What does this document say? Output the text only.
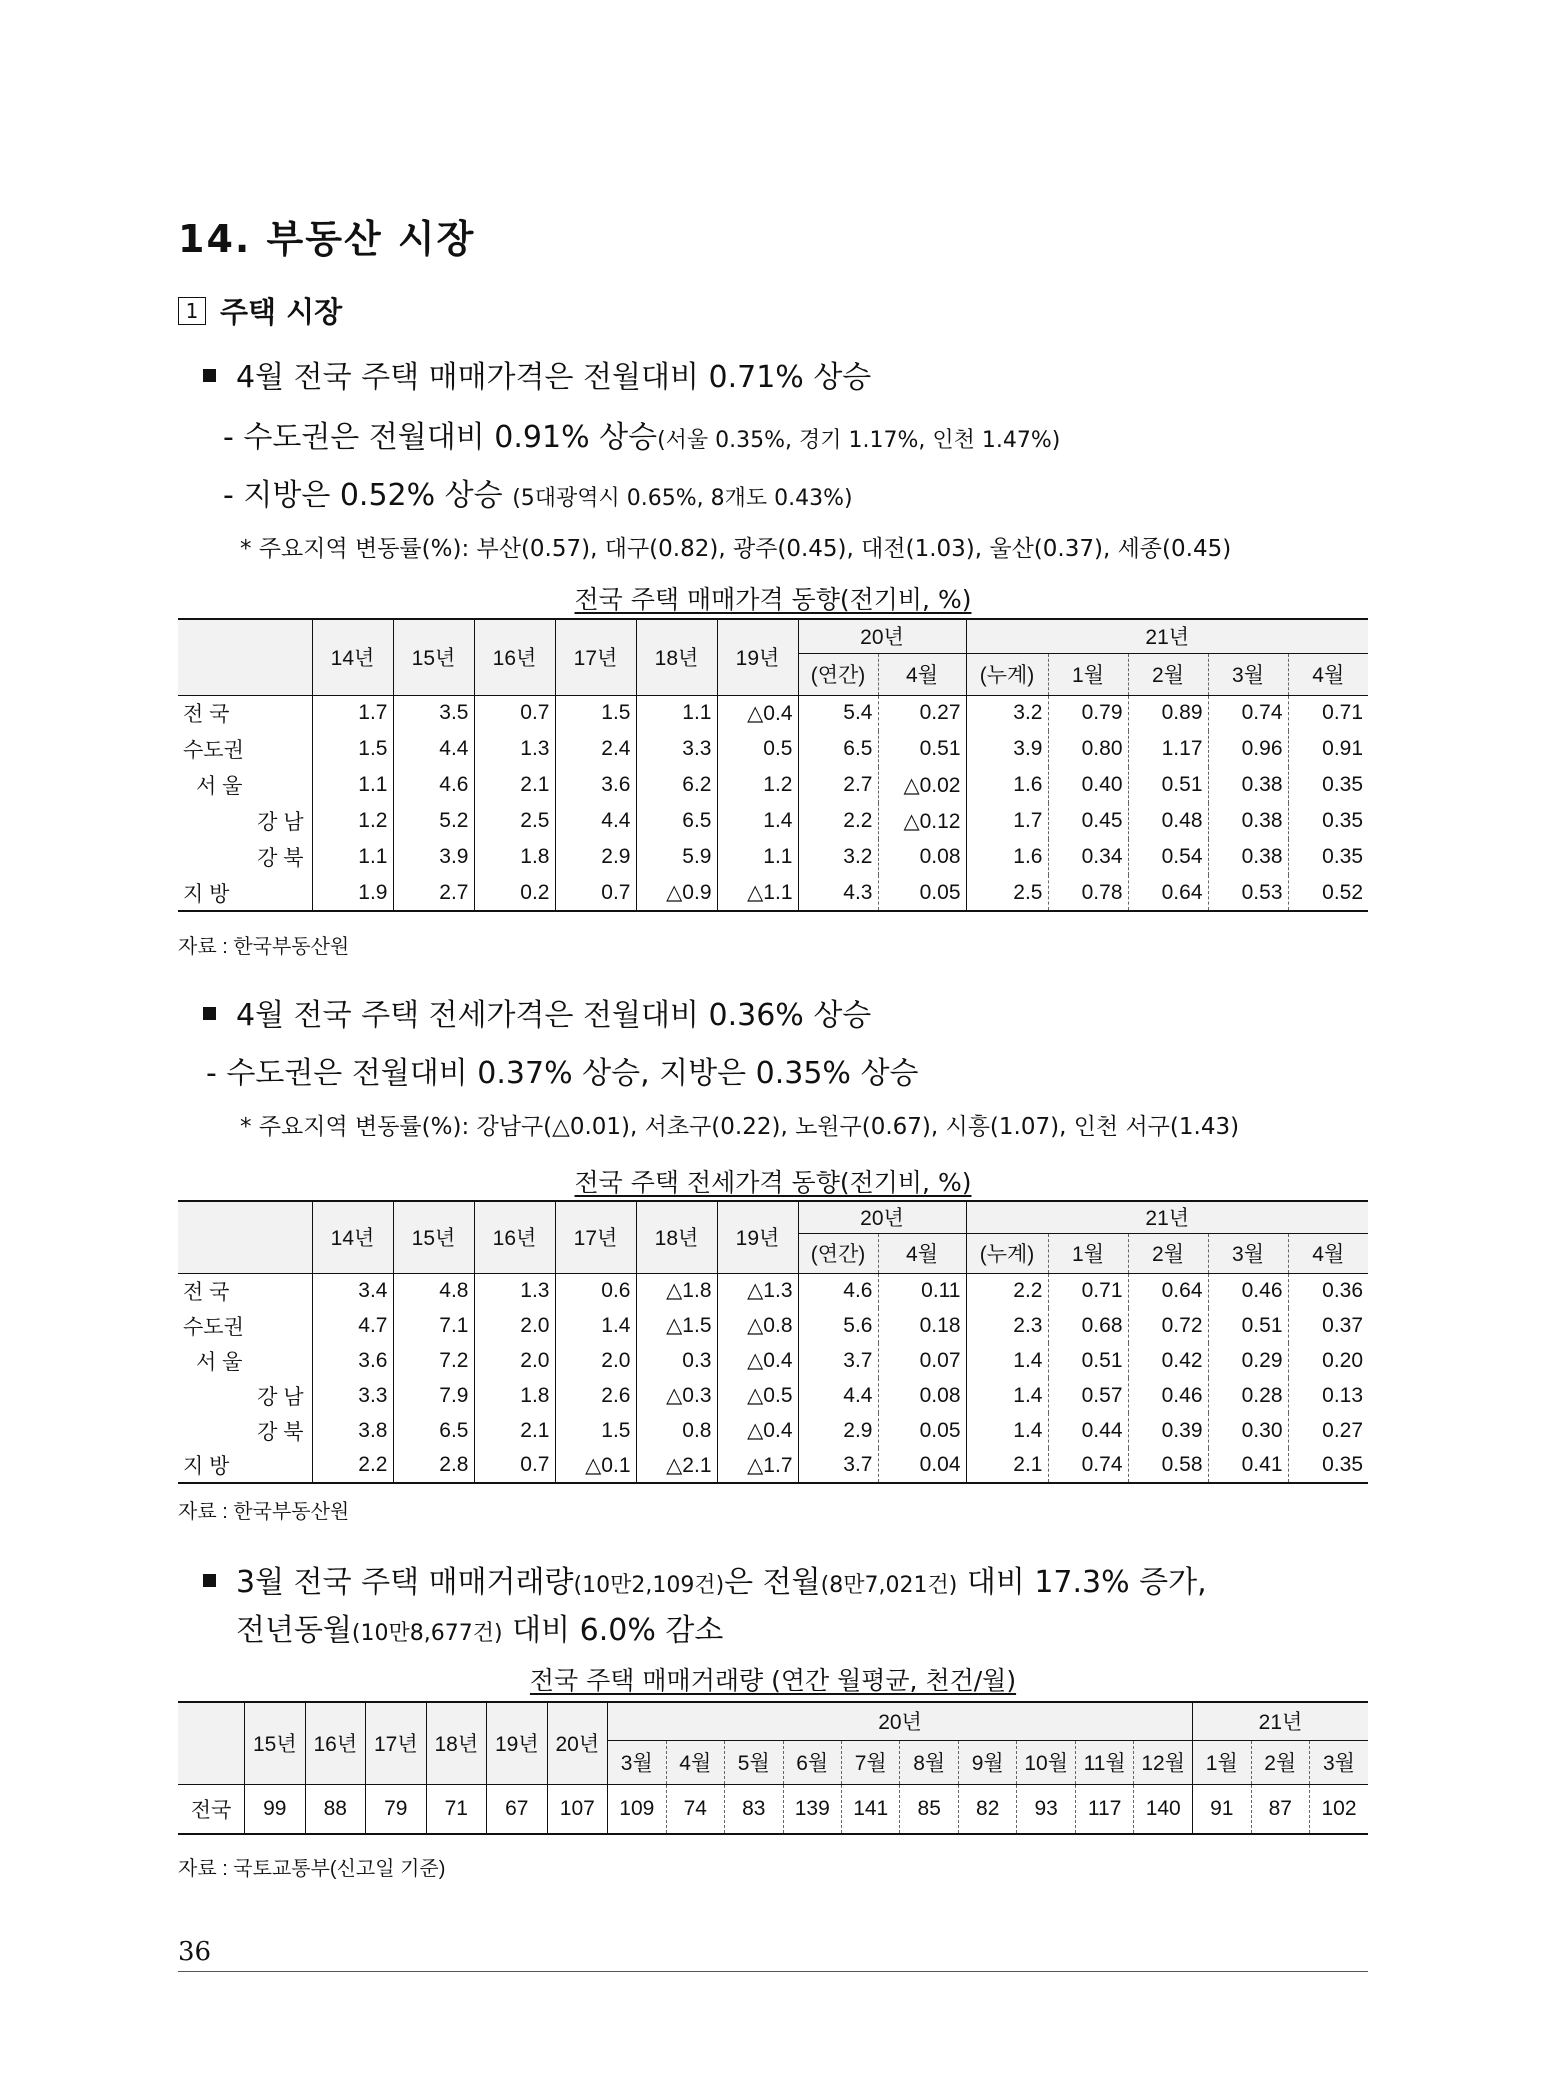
14. 부동산 시장
1 주택 시장
4월 전국 주택 매매가격은 전월대비 0.71% 상승
- 수도권은 전월대비 0.91% 상승(서울 0.35%, 경기 1.17%, 인천 1.47%)
- 지방은 0.52% 상승 (5대광역시 0.65%, 8개도 0.43%)
* 주요지역 변동률(%): 부산(0.57), 대구(0.82), 광주(0.45), 대전(1.03), 울산(0.37), 세종(0.45)
전국 주택 매매가격 동향(전기비, %)
	14년	15년	16년	17년	18년	19년	20년		21년				
							(연간)	4월	(누계)	1월	2월	3월	4월
전 국	1.7	3.5	0.7	1.5	1.1	△0.4	5.4	0.27	3.2	0.79	0.89	0.74	0.71
수도권	1.5	4.4	1.3	2.4	3.3	0.5	6.5	0.51	3.9	0.80	1.17	0.96	0.91
서 울	1.1	4.6	2.1	3.6	6.2	1.2	2.7	△0.02	1.6	0.40	0.51	0.38	0.35
강 남	1.2	5.2	2.5	4.4	6.5	1.4	2.2	△0.12	1.7	0.45	0.48	0.38	0.35
강 북	1.1	3.9	1.8	2.9	5.9	1.1	3.2	0.08	1.6	0.34	0.54	0.38	0.35
지 방	1.9	2.7	0.2	0.7	△0.9	△1.1	4.3	0.05	2.5	0.78	0.64	0.53	0.52
자료 : 한국부동산원
4월 전국 주택 전세가격은 전월대비 0.36% 상승
- 수도권은 전월대비 0.37% 상승, 지방은 0.35% 상승
* 주요지역 변동률(%): 강남구(△0.01), 서초구(0.22), 노원구(0.67), 시흥(1.07), 인천 서구(1.43)
전국 주택 전세가격 동향(전기비, %)
	14년	15년	16년	17년	18년	19년	20년		21년				
							(연간)	4월	(누계)	1월	2월	3월	4월
전 국	3.4	4.8	1.3	0.6	△1.8	△1.3	4.6	0.11	2.2	0.71	0.64	0.46	0.36
수도권	4.7	7.1	2.0	1.4	△1.5	△0.8	5.6	0.18	2.3	0.68	0.72	0.51	0.37
서 울	3.6	7.2	2.0	2.0	0.3	△0.4	3.7	0.07	1.4	0.51	0.42	0.29	0.20
강 남	3.3	7.9	1.8	2.6	△0.3	△0.5	4.4	0.08	1.4	0.57	0.46	0.28	0.13
강 북	3.8	6.5	2.1	1.5	0.8	△0.4	2.9	0.05	1.4	0.44	0.39	0.30	0.27
지 방	2.2	2.8	0.7	△0.1	△2.1	△1.7	3.7	0.04	2.1	0.74	0.58	0.41	0.35
자료 : 한국부동산원
3월 전국 주택 매매거래량(10만2,109건)은 전월(8만7,021건) 대비 17.3% 증가,
전년동월(10만8,677건) 대비 6.0% 감소
전국 주택 매매거래량 (연간 월평균, 천건/월)
	15년	16년	17년	18년	19년	20년	20년										21년		
							3월	4월	5월	6월	7월	8월	9월	10월	11월	12월	1월	2월	3월
전국	99	88	79	71	67	107	109	74	83	139	141	85	82	93	117	140	91	87	102
자료 : 국토교통부(신고일 기준)
36
